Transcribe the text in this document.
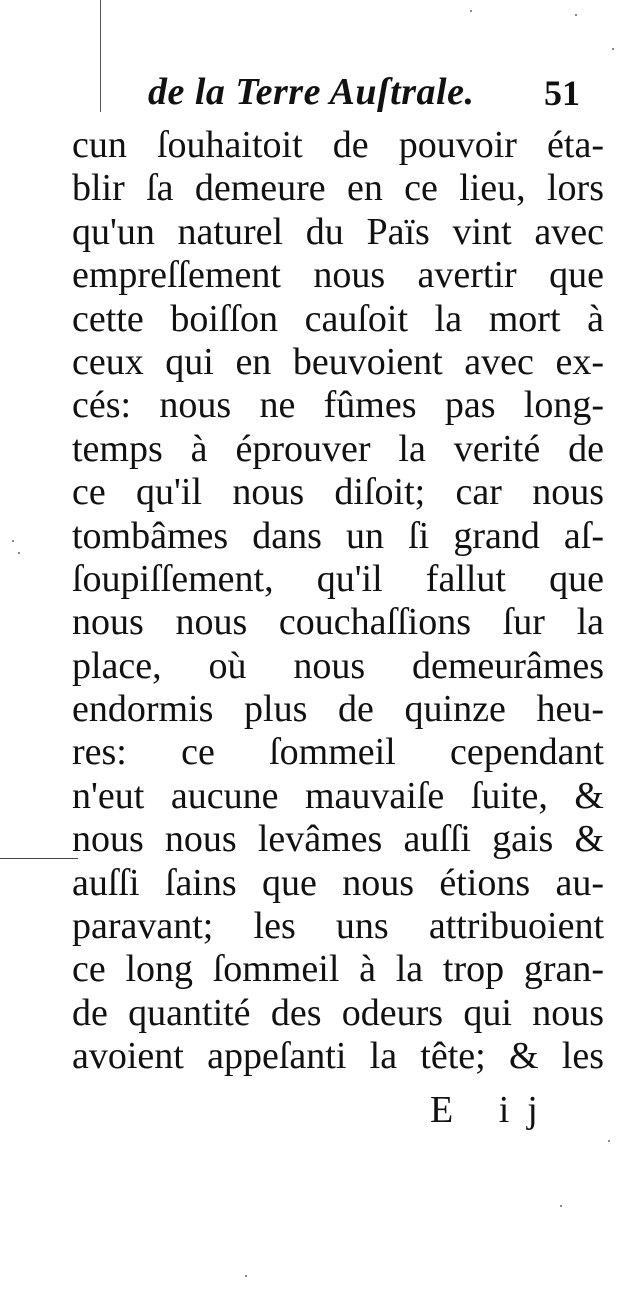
de la Terre Auſtrale. 51
cun ſouhaitoit de pouvoir éta-
blir ſa demeure en ce lieu, lors
qu'un naturel du Païs vint avec
empreſſement nous avertir que
cette boiſſon cauſoit la mort à
ceux qui en beuvoient avec ex-
cés: nous ne fûmes pas long-
temps à éprouver la verité de
ce qu'il nous diſoit; car nous
tombâmes dans un ſi grand aſ-
ſoupiſſement, qu'il fallut que
nous nous couchaſſions ſur la
place, où nous demeurâmes
endormis plus de quinze heu-
res: ce ſommeil cependant
n'eut aucune mauvaiſe ſuite, &
nous nous levâmes auſſi gais &
auſſi ſains que nous étions au-
paravant; les uns attribuoient
ce long ſommeil à la trop gran-
de quantité des odeurs qui nous
avoient appeſanti la tête; & les
E ij
